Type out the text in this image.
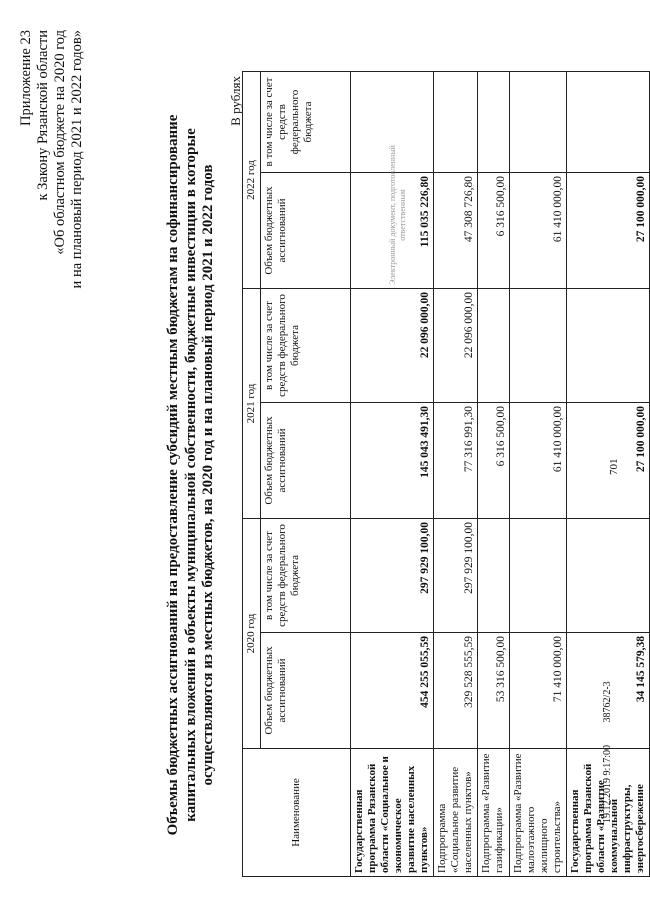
701
Приложение 23 к Закону Рязанской области «Об областном бюджете на 2020 год и на плановый период 2021 и 2022 годов»	Объемы бюджетных ассигнований на предоставление субсидий местным бюджетам на софинансирование капитальных вложений в объекты муниципальной собственности, бюджетные инвестиции в которые осуществляются из местных бюджетов, на 2020 год и на плановый период 2021 и 2022 годов
В рублях
Наименование	2020 год		2021 год		2022 год	
	Объем бюджетных ассигнований	в том числе за счет средств федерального бюджета	Объем бюджетных ассигнований	в том числе за счет средств федерального бюджета	Объем бюджетных ассигнований	в том числе за счет средств федерального бюджета
Государственная программа Рязанской области «Социальное и экономическое развитие населенных пунктов»	454 255 055,59	297 929 100,00	145 043 491,30	22 096 000,00	115 035 226,80	
Подпрограмма «Социальное развитие населенных пунктов»	329 528 555,59	297 929 100,00	77 316 991,30	22 096 000,00	47 308 726,80	
Подпрограмма «Развитие газификации»	53 316 500,00		6 316 500,00		6 316 500,00	
Подпрограмма «Развитие малоэтажного жилищного строительства»	71 410 000,00		61 410 000,00		61 410 000,00	
Государственная программа Рязанской области «Развитие коммунальной инфраструктуры, энергосбережение	34 145 579,38		27 100 000,00		27 100 000,00	
Электронный документ, подготовленный ответственным
19.12.2019 9:17:00 38762/2-3
